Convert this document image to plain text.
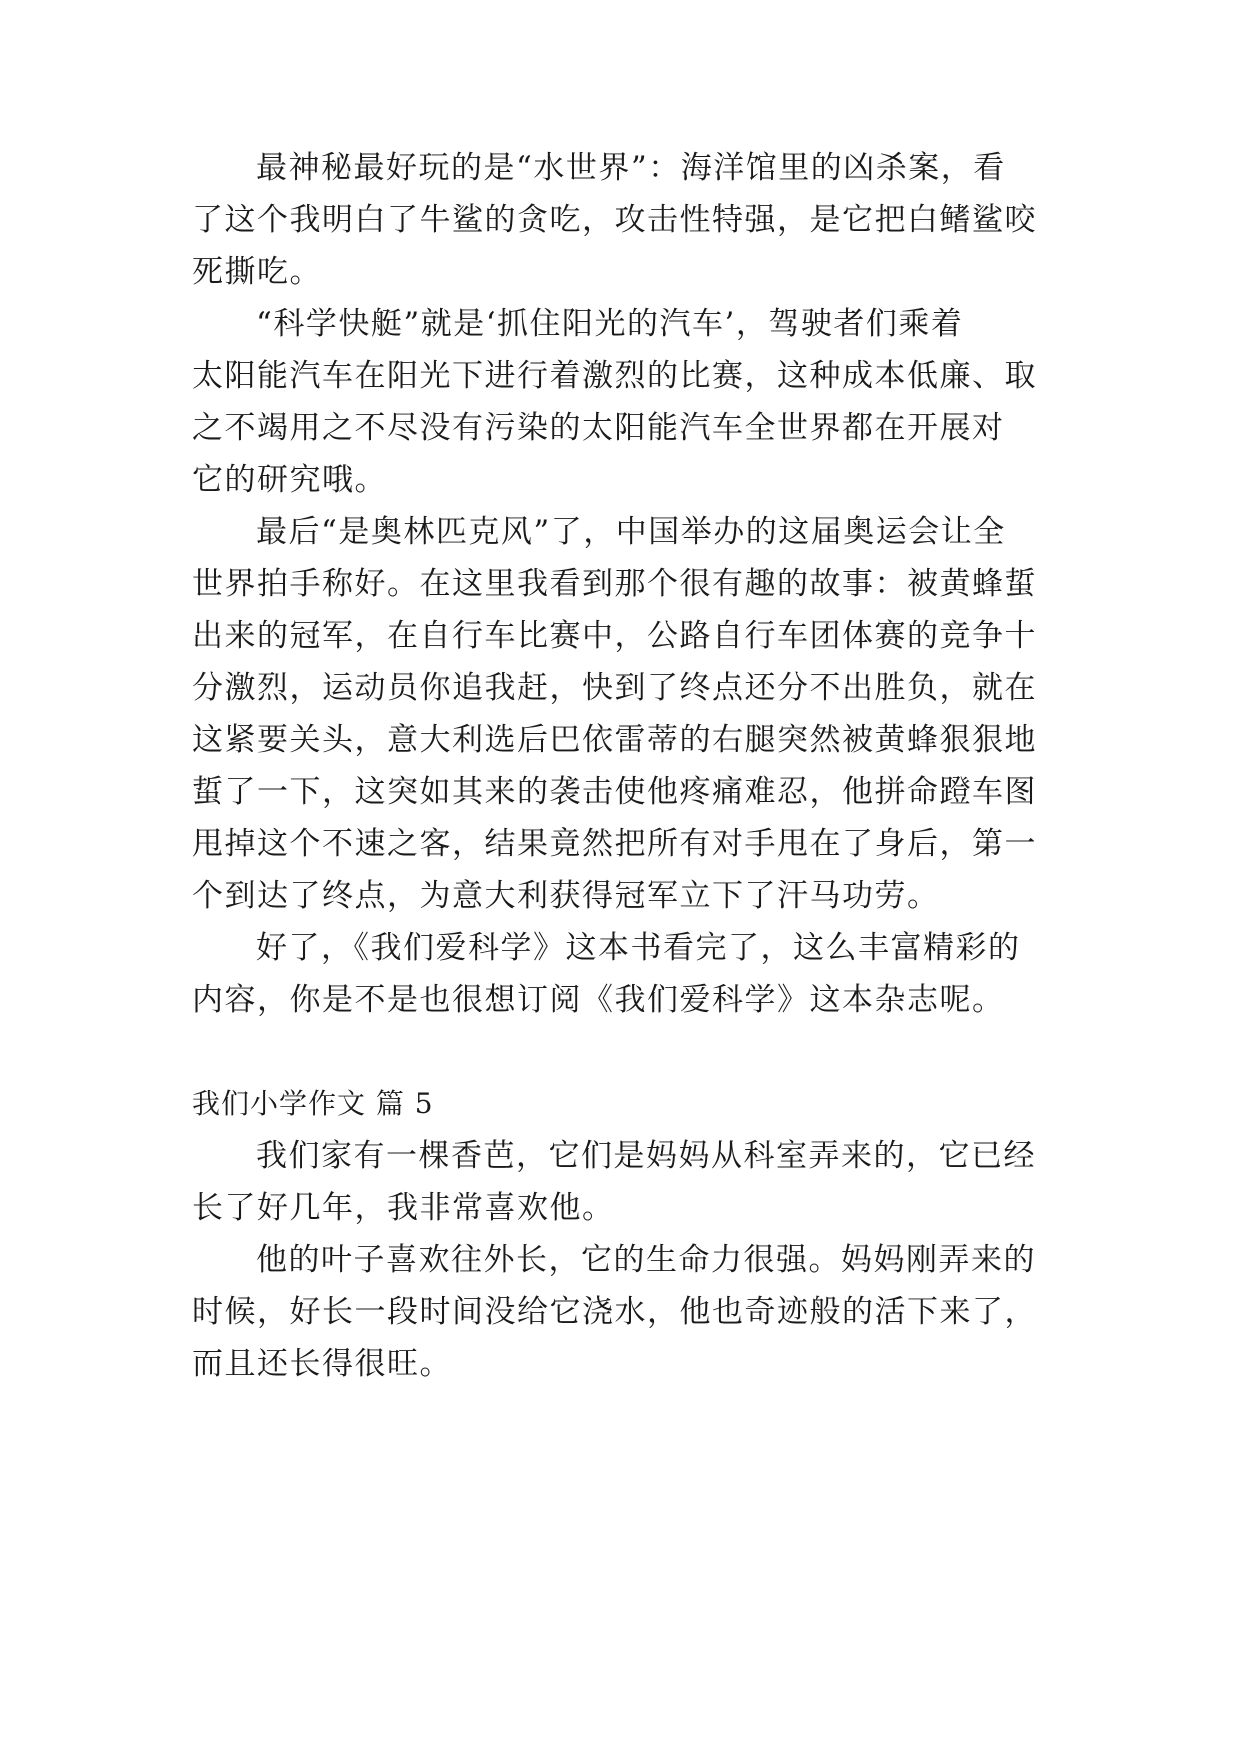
最神秘最好玩的是“水世界”：海洋馆里的凶杀案，看
了这个我明白了牛鲨的贪吃，攻击性特强，是它把白鳍鲨咬
死撕吃。
“科学快艇”就是‘抓住阳光的汽车’，驾驶者们乘着
太阳能汽车在阳光下进行着激烈的比赛，这种成本低廉、取
之不竭用之不尽没有污染的太阳能汽车全世界都在开展对
它的研究哦。
最后“是奥林匹克风”了，中国举办的这届奥运会让全
世界拍手称好。在这里我看到那个很有趣的故事：被黄蜂蜇
出来的冠军，在自行车比赛中，公路自行车团体赛的竞争十
分激烈，运动员你追我赶，快到了终点还分不出胜负，就在
这紧要关头，意大利选后巴依雷蒂的右腿突然被黄蜂狠狠地
蜇了一下，这突如其来的袭击使他疼痛难忍，他拼命蹬车图
甩掉这个不速之客，结果竟然把所有对手甩在了身后，第一
个到达了终点，为意大利获得冠军立下了汗马功劳。
好了，《我们爱科学》这本书看完了，这么丰富精彩的
内容，你是不是也很想订阅《我们爱科学》这本杂志呢。
我们小学作文 篇 5
我们家有一棵香芭，它们是妈妈从科室弄来的，它已经
长了好几年，我非常喜欢他。
他的叶子喜欢往外长，它的生命力很强。妈妈刚弄来的
时候，好长一段时间没给它浇水，他也奇迹般的活下来了，
而且还长得很旺。
